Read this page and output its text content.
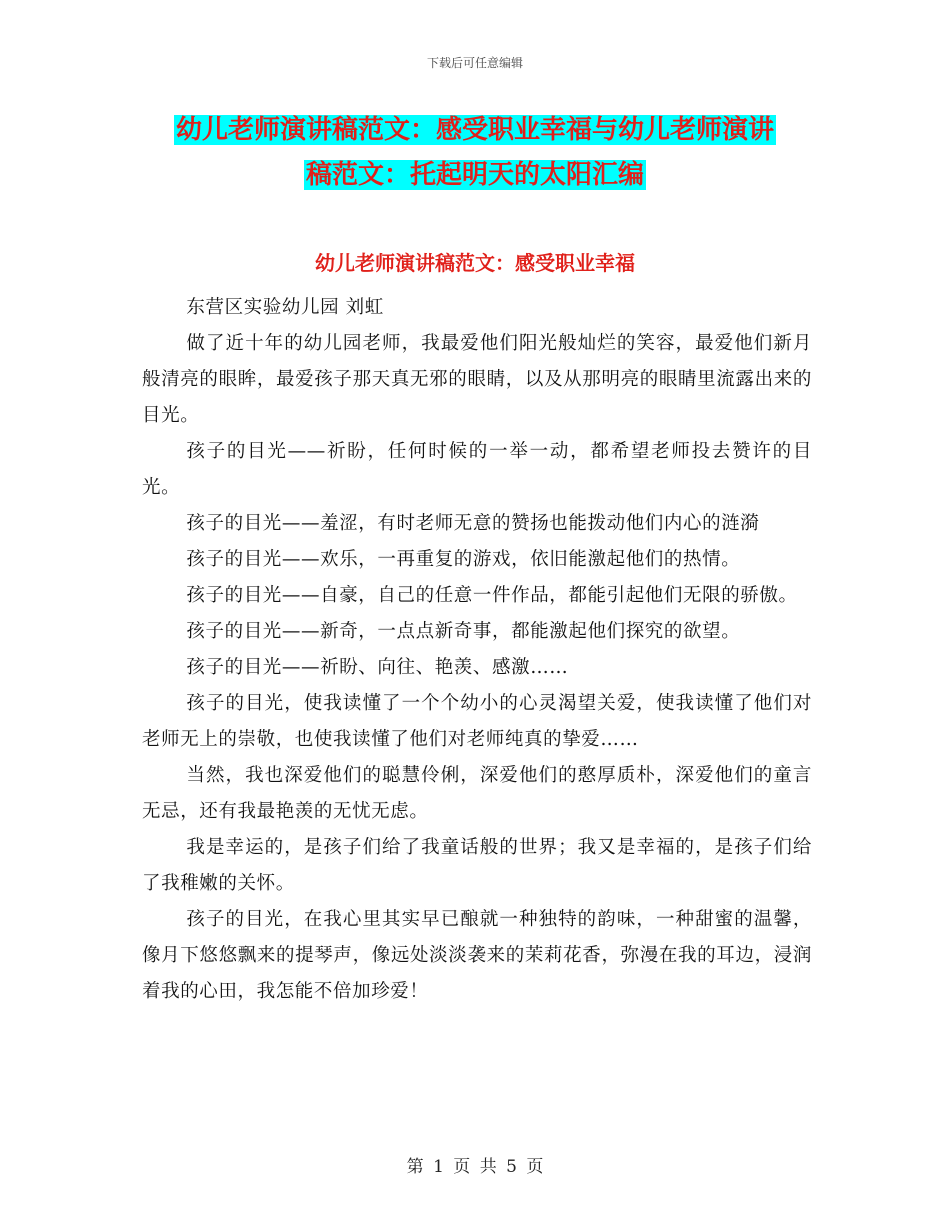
下载后可任意编辑
幼儿老师演讲稿范文：感受职业幸福与幼儿老师演讲
稿范文：托起明天的太阳汇编
幼儿老师演讲稿范文：感受职业幸福

东营区实验幼儿园 刘虹

做了近十年的幼儿园老师，我最爱他们阳光般灿烂的笑容，最爱他们新月般清亮的眼眸，最爱孩子那天真无邪的眼睛，以及从那明亮的眼睛里流露出来的目光。

孩子的目光——祈盼，任何时候的一举一动，都希望老师投去赞许的目光。

孩子的目光——羞涩，有时老师无意的赞扬也能拨动他们内心的涟漪

孩子的目光——欢乐，一再重复的游戏，依旧能激起他们的热情。

孩子的目光——自豪，自己的任意一件作品，都能引起他们无限的骄傲。

孩子的目光——新奇，一点点新奇事，都能激起他们探究的欲望。

孩子的目光——祈盼、向往、艳羡、感激……

孩子的目光，使我读懂了一个个幼小的心灵渴望关爱，使我读懂了他们对老师无上的崇敬，也使我读懂了他们对老师纯真的挚爱……

当然，我也深爱他们的聪慧伶俐，深爱他们的憨厚质朴，深爱他们的童言无忌，还有我最艳羡的无忧无虑。

我是幸运的，是孩子们给了我童话般的世界；我又是幸福的，是孩子们给了我稚嫩的关怀。

孩子的目光，在我心里其实早已酿就一种独特的韵味，一种甜蜜的温馨，像月下悠悠飘来的提琴声，像远处淡淡袭来的茉莉花香，弥漫在我的耳边，浸润着我的心田，我怎能不倍加珍爱！

第 1 页 共 5 页
